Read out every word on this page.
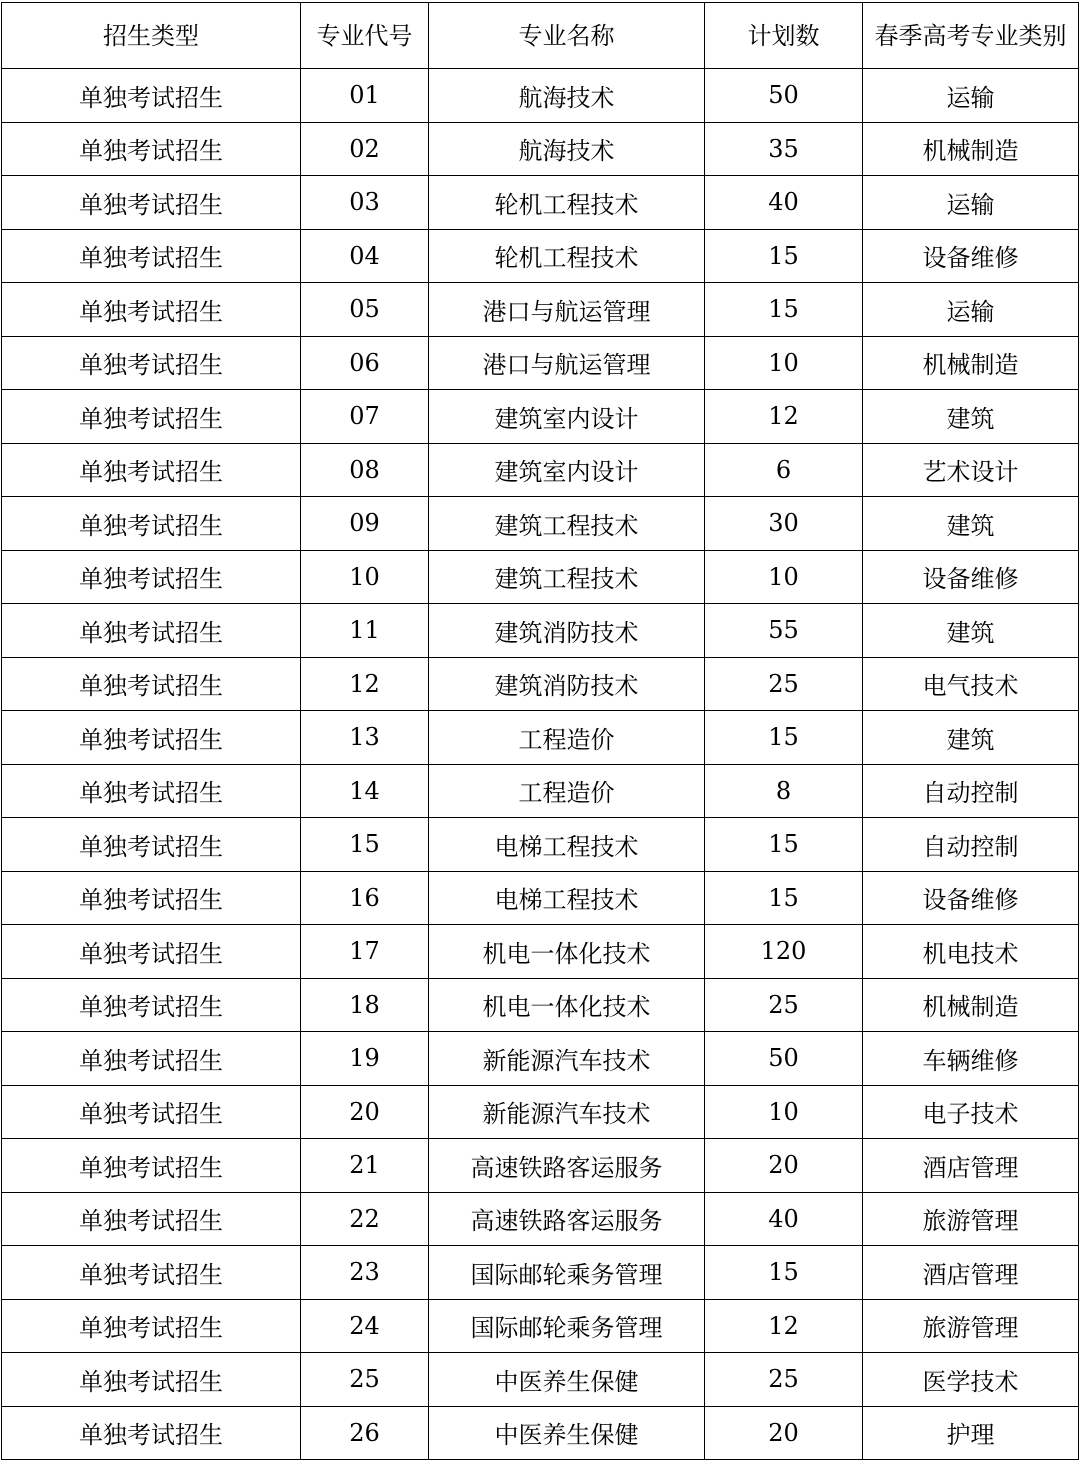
招生类型	专业代号	专业名称	计划数	春季高考专业类别
单独考试招生	01	航海技术	50	运输
单独考试招生	02	航海技术	35	机械制造
单独考试招生	03	轮机工程技术	40	运输
单独考试招生	04	轮机工程技术	15	设备维修
单独考试招生	05	港口与航运管理	15	运输
单独考试招生	06	港口与航运管理	10	机械制造
单独考试招生	07	建筑室内设计	12	建筑
单独考试招生	08	建筑室内设计	6	艺术设计
单独考试招生	09	建筑工程技术	30	建筑
单独考试招生	10	建筑工程技术	10	设备维修
单独考试招生	11	建筑消防技术	55	建筑
单独考试招生	12	建筑消防技术	25	电气技术
单独考试招生	13	工程造价	15	建筑
单独考试招生	14	工程造价	8	自动控制
单独考试招生	15	电梯工程技术	15	自动控制
单独考试招生	16	电梯工程技术	15	设备维修
单独考试招生	17	机电一体化技术	120	机电技术
单独考试招生	18	机电一体化技术	25	机械制造
单独考试招生	19	新能源汽车技术	50	车辆维修
单独考试招生	20	新能源汽车技术	10	电子技术
单独考试招生	21	高速铁路客运服务	20	酒店管理
单独考试招生	22	高速铁路客运服务	40	旅游管理
单独考试招生	23	国际邮轮乘务管理	15	酒店管理
单独考试招生	24	国际邮轮乘务管理	12	旅游管理
单独考试招生	25	中医养生保健	25	医学技术
单独考试招生	26	中医养生保健	20	护理
